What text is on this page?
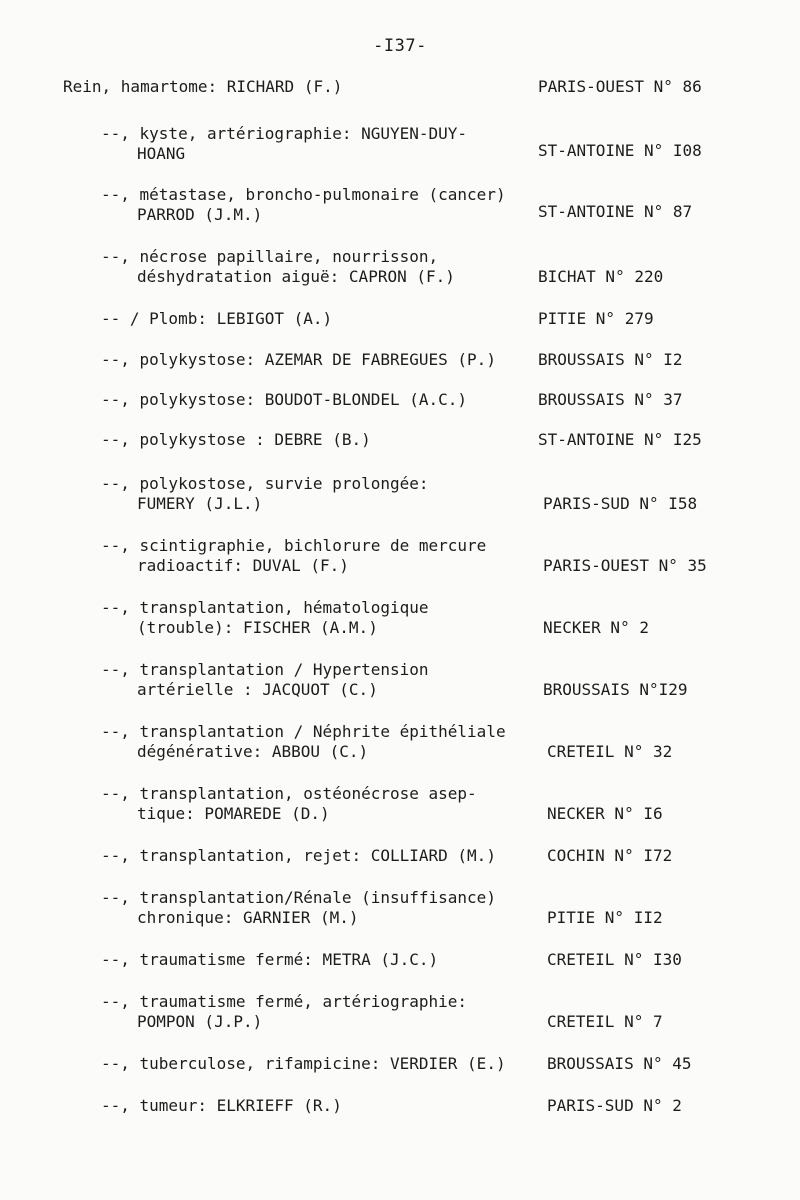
-I37-
Rein, hamartome: RICHARD (F.)	PARIS-OUEST N° 86
--, kyste, artériographie: NGUYEN-DUY-
HOANG	ST-ANTOINE N° I08
--, métastase, broncho-pulmonaire (cancer)
PARROD (J.M.)	ST-ANTOINE N° 87
--, nécrose papillaire, nourrisson,
déshydratation aiguë: CAPRON (F.)	BICHAT N° 220
-- / Plomb: LEBIGOT (A.)	PITIE N° 279
--, polykystose: AZEMAR DE FABREGUES (P.)	BROUSSAIS N° I2
--, polykystose: BOUDOT-BLONDEL (A.C.)	BROUSSAIS N° 37
--, polykystose : DEBRE (B.)	ST-ANTOINE N° I25
--, polykostose, survie prolongée:
FUMERY (J.L.)	PARIS-SUD N° I58
--, scintigraphie, bichlorure de mercure
radioactif: DUVAL (F.)	PARIS-OUEST N° 35
--, transplantation, hématologique
(trouble): FISCHER (A.M.)	NECKER N° 2
--, transplantation / Hypertension
artérielle : JACQUOT (C.)	BROUSSAIS N°I29
--, transplantation / Néphrite épithéliale
dégénérative: ABBOU (C.)	CRETEIL N° 32
--, transplantation, ostéonécrose asep-
tique: POMAREDE (D.)	NECKER N° I6
--, transplantation, rejet: COLLIARD (M.)	COCHIN N° I72
--, transplantation/Rénale (insuffisance)
chronique: GARNIER (M.)	PITIE N° II2
--, traumatisme fermé: METRA (J.C.)	CRETEIL N° I30
--, traumatisme fermé, artériographie:
POMPON (J.P.)	CRETEIL N° 7
--, tuberculose, rifampicine: VERDIER (E.)	BROUSSAIS N° 45
--, tumeur: ELKRIEFF (R.)	PARIS-SUD N° 2
